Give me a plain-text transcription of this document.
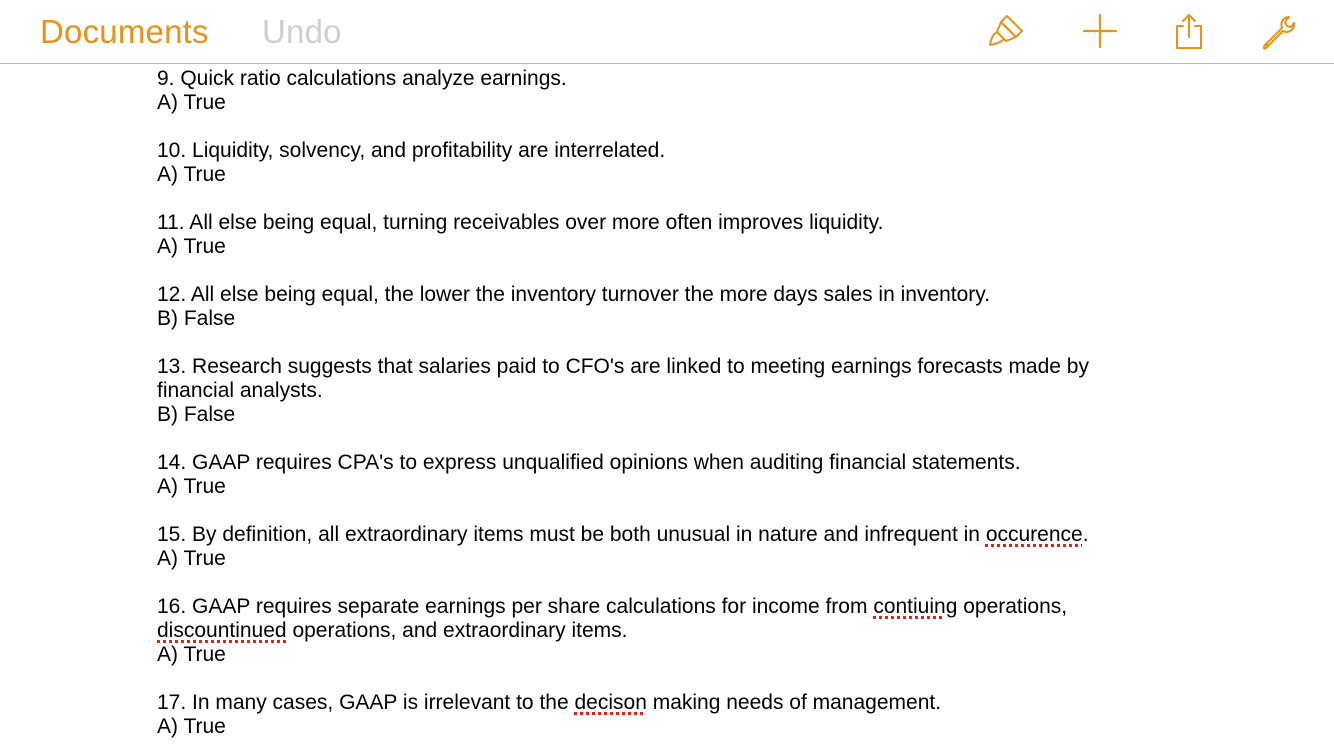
Documents Undo
9. Quick ratio calculations analyze earnings.
A) True
10. Liquidity, solvency, and profitability are interrelated.
A) True
11. All else being equal, turning receivables over more often improves liquidity.
A) True
12. All else being equal, the lower the inventory turnover the more days sales in inventory.
B) False
13. Research suggests that salaries paid to CFO's are linked to meeting earnings forecasts made by financial analysts.
B) False
14. GAAP requires CPA's to express unqualified opinions when auditing financial statements.
A) True
15. By definition, all extraordinary items must be both unusual in nature and infrequent in occurence.
A) True
16. GAAP requires separate earnings per share calculations for income from contiuing operations, discountinued operations, and extraordinary items.
A) True
17. In many cases, GAAP is irrelevant to the decison making needs of management.
A) True
